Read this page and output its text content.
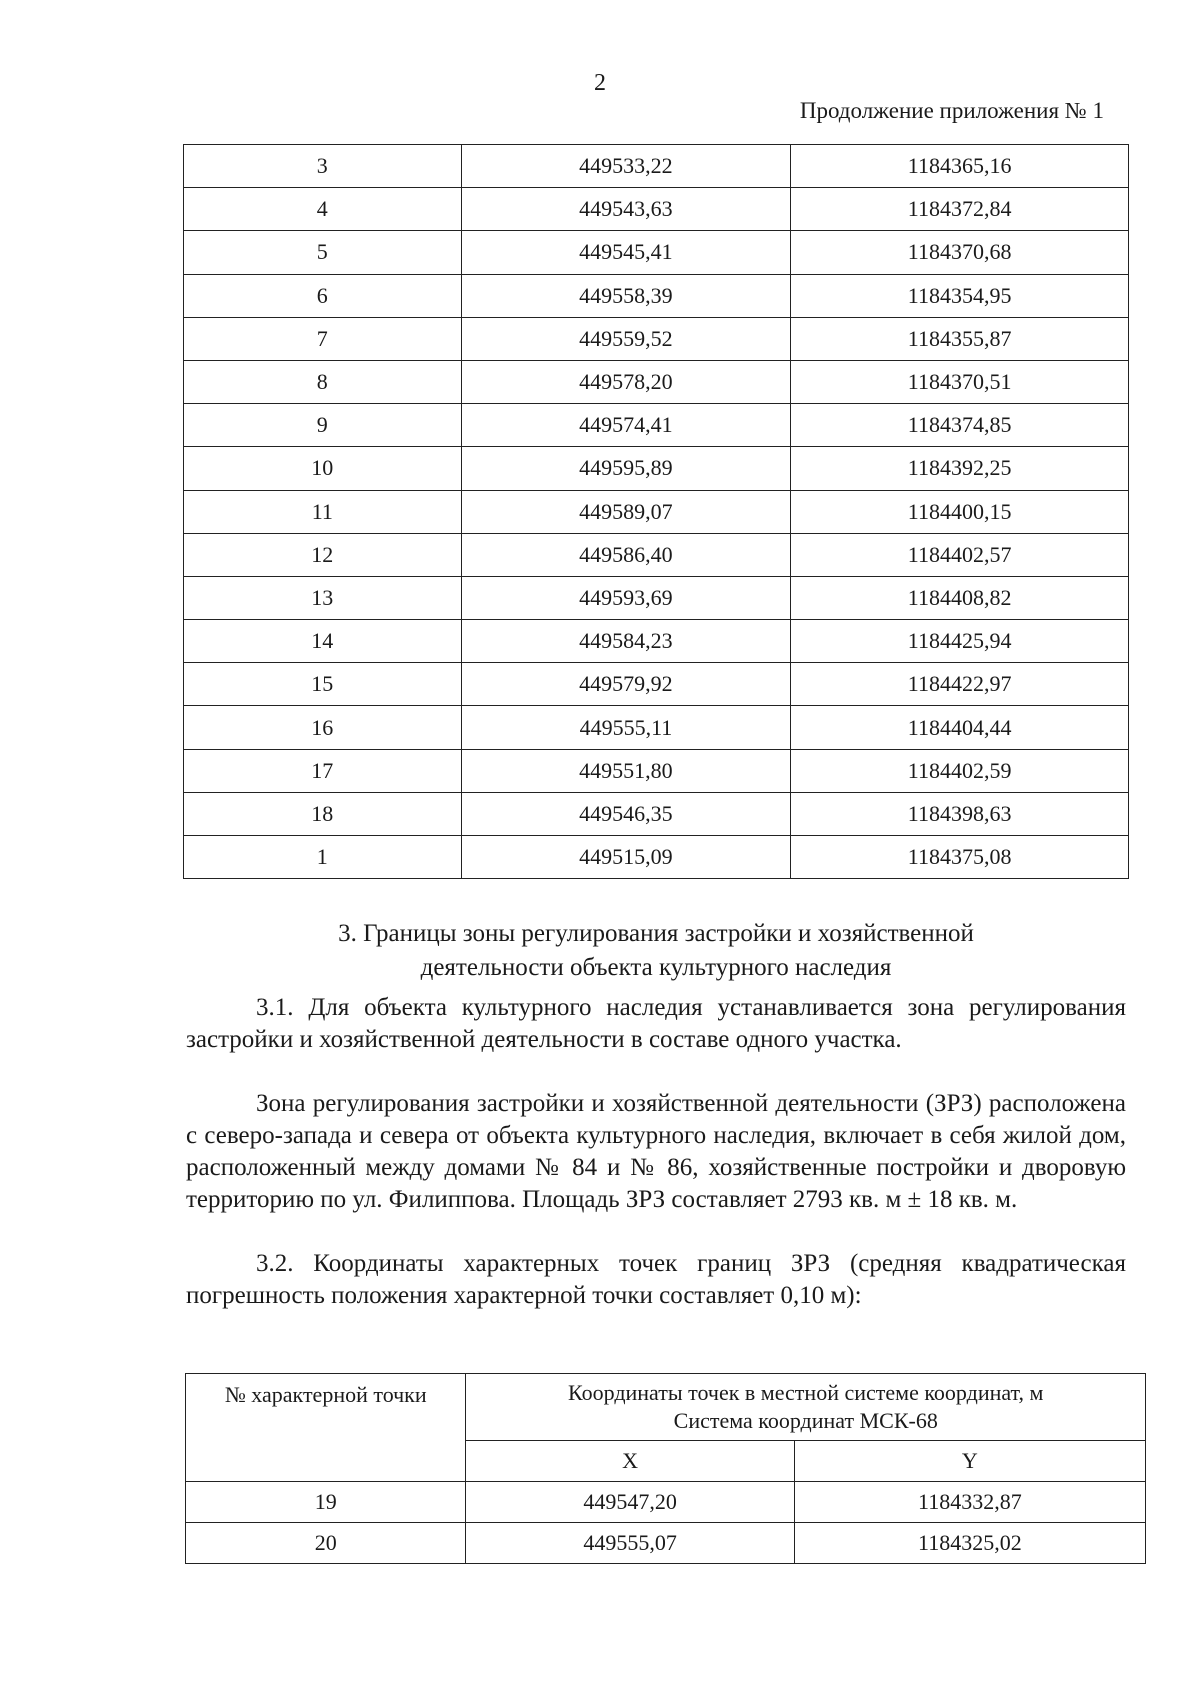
2
Продолжение приложения № 1
3	449533,22	1184365,16
4	449543,63	1184372,84
5	449545,41	1184370,68
6	449558,39	1184354,95
7	449559,52	1184355,87
8	449578,20	1184370,51
9	449574,41	1184374,85
10	449595,89	1184392,25
11	449589,07	1184400,15
12	449586,40	1184402,57
13	449593,69	1184408,82
14	449584,23	1184425,94
15	449579,92	1184422,97
16	449555,11	1184404,44
17	449551,80	1184402,59
18	449546,35	1184398,63
1	449515,09	1184375,08
3. Границы зоны регулирования застройки и хозяйственной
деятельности объекта культурного наследия
3.1. Для объекта культурного наследия устанавливается зона регулирования застройки и хозяйственной деятельности в составе одного участка.
Зона регулирования застройки и хозяйственной деятельности (ЗРЗ) расположена с северо-запада и севера от объекта культурного наследия, включает в себя жилой дом, расположенный между домами № 84 и № 86, хозяйственные постройки и дворовую территорию по ул. Филиппова. Площадь ЗРЗ составляет 2793 кв. м ± 18 кв. м.
3.2. Координаты характерных точек границ ЗРЗ (средняя квадратическая погрешность положения характерной точки составляет 0,10 м):
№ характерной точки	Координаты точек в местной системе координат, м
Система координат МСК-68	

	X	Y
19	449547,20	1184332,87
20	449555,07	1184325,02
